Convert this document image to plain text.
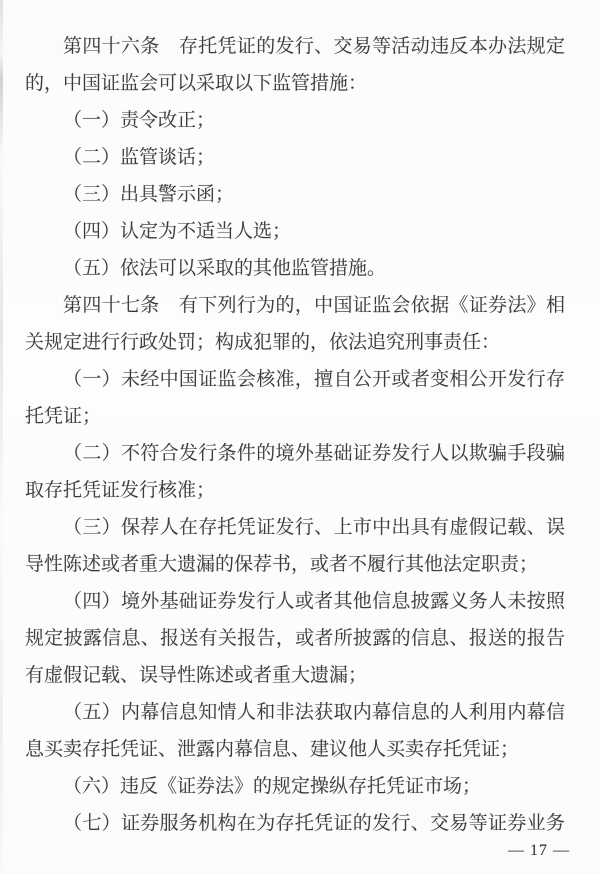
第四十六条　存托凭证的发行、交易等活动违反本办法规定的，中国证监会可以采取以下监管措施：

（一）责令改正；

（二）监管谈话；

（三）出具警示函；

（四）认定为不适当人选；

（五）依法可以采取的其他监管措施。

第四十七条　有下列行为的，中国证监会依据《证券法》相关规定进行行政处罚；构成犯罪的，依法追究刑事责任：

（一）未经中国证监会核准，擅自公开或者变相公开发行存托凭证；

（二）不符合发行条件的境外基础证券发行人以欺骗手段骗取存托凭证发行核准；

（三）保荐人在存托凭证发行、上市中出具有虚假记载、误导性陈述或者重大遗漏的保荐书，或者不履行其他法定职责；

（四）境外基础证券发行人或者其他信息披露义务人未按照规定披露信息、报送有关报告，或者所披露的信息、报送的报告有虚假记载、误导性陈述或者重大遗漏；

（五）内幕信息知情人和非法获取内幕信息的人利用内幕信息买卖存托凭证、泄露内幕信息、建议他人买卖存托凭证；

（六）违反《证券法》的规定操纵存托凭证市场；

（七）证券服务机构在为存托凭证的发行、交易等证券业务

— 17 —
